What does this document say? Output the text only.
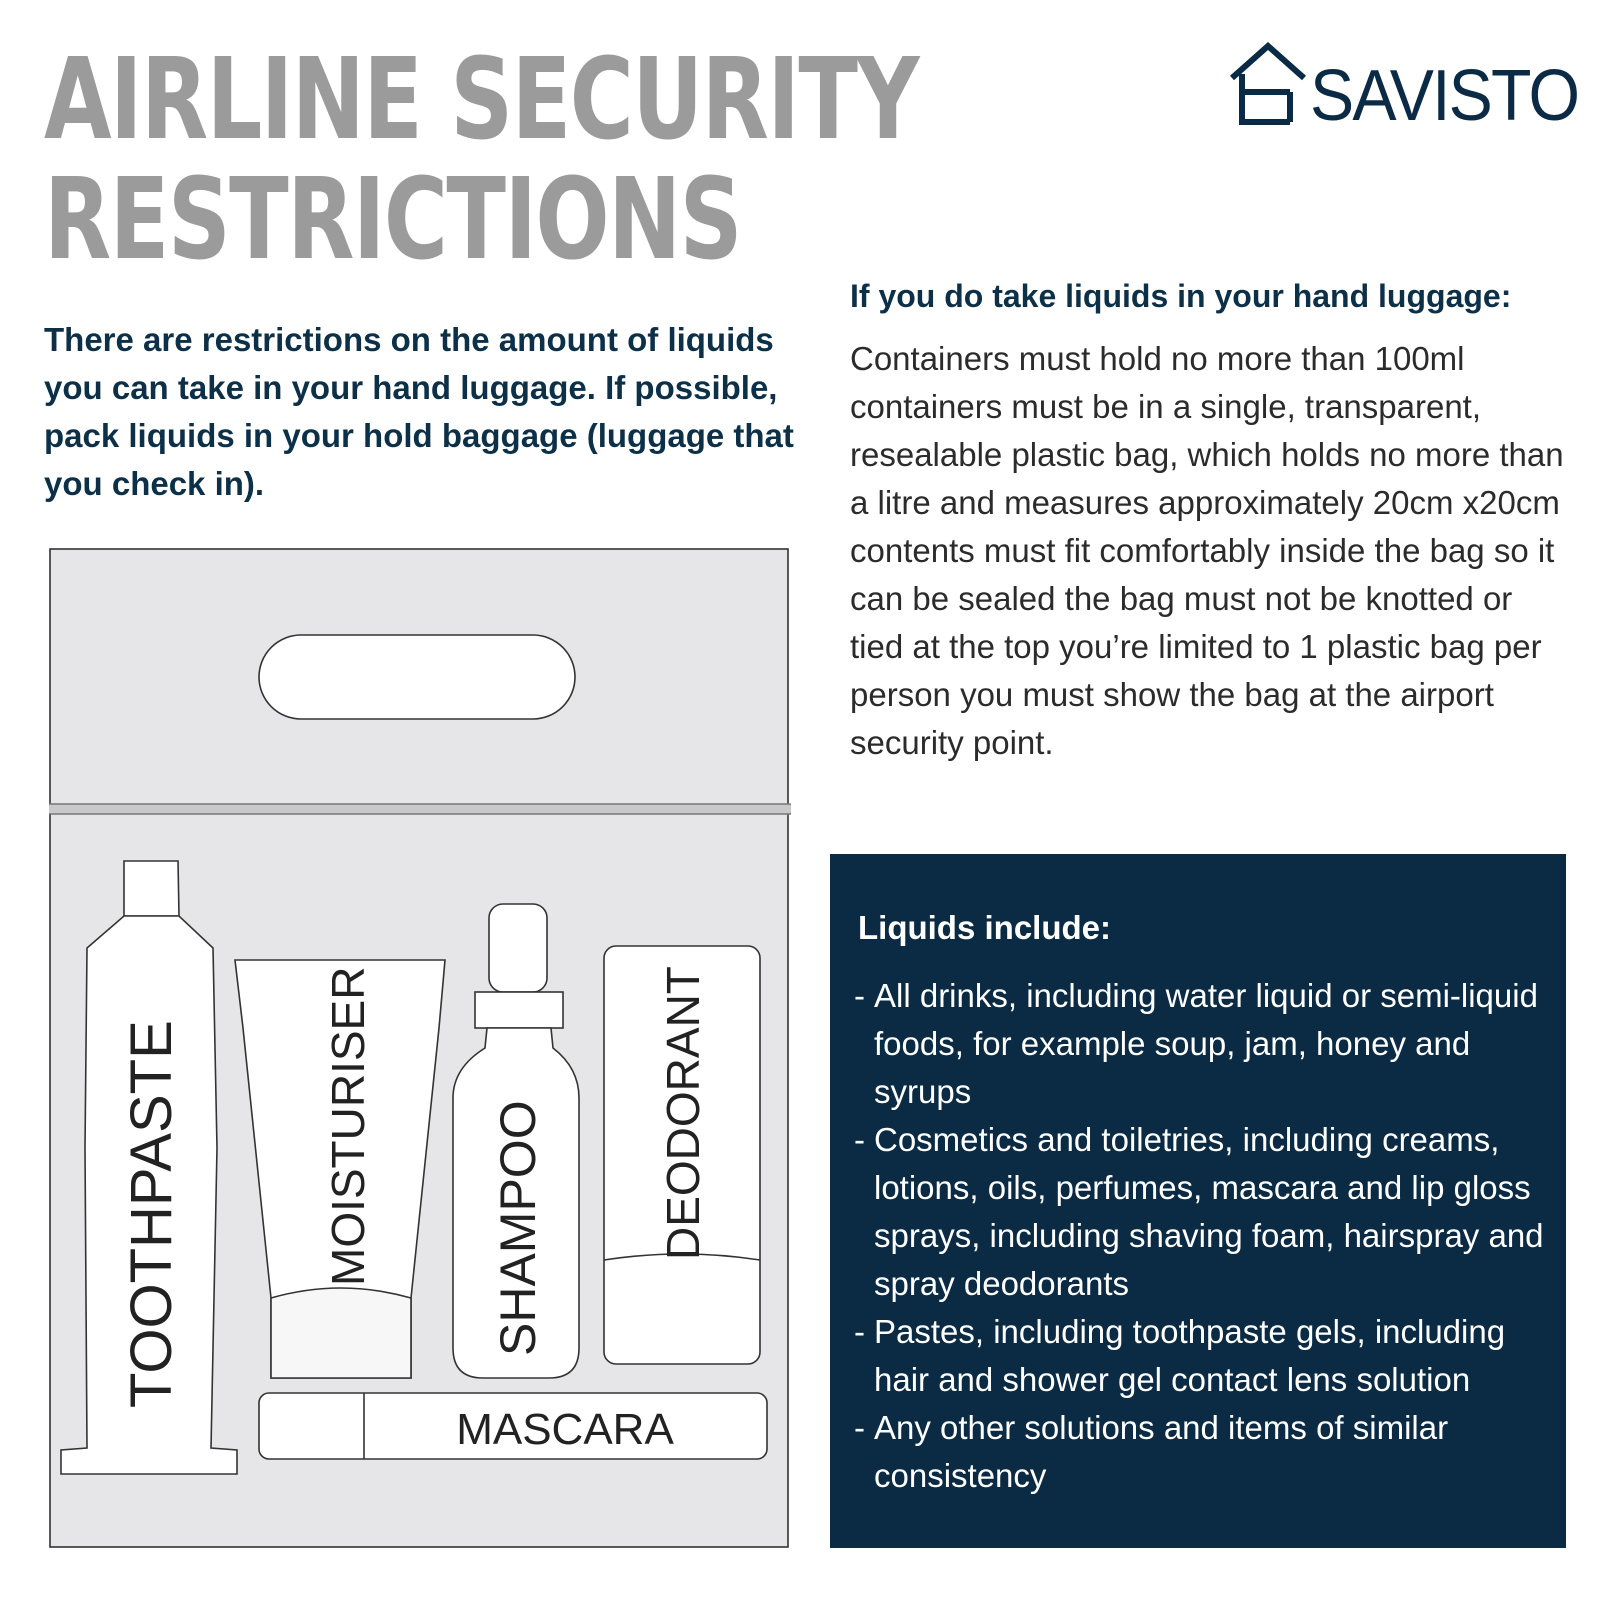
AIRLINE SECURITY
RESTRICTIONS
SAVISTO

There are restrictions on the amount of liquids you can take in your hand luggage. If possible, pack liquids in your hold baggage (luggage that you check in).

If you do take liquids in your hand luggage:

Containers must hold no more than 100ml containers must be in a single, transparent, resealable plastic bag, which holds no more than a litre and measures approximately 20cm x20cm contents must fit comfortably inside the bag so it can be sealed the bag must not be knotted or tied at the top you’re limited to 1 plastic bag per person you must show the bag at the airport security point.

TOOTHPASTE	MOISTURISER SHAMPOO DEODORANT
MASCARA
Liquids include:
- All drinks, including water liquid or semi-liquid foods, for example soup, jam, honey and syrups
- Cosmetics and toiletries, including creams, lotions, oils, perfumes, mascara and lip gloss sprays, including shaving foam, hairspray and spray deodorants
- Pastes, including toothpaste gels, including hair and shower gel contact lens solution
- Any other solutions and items of similar consistency
